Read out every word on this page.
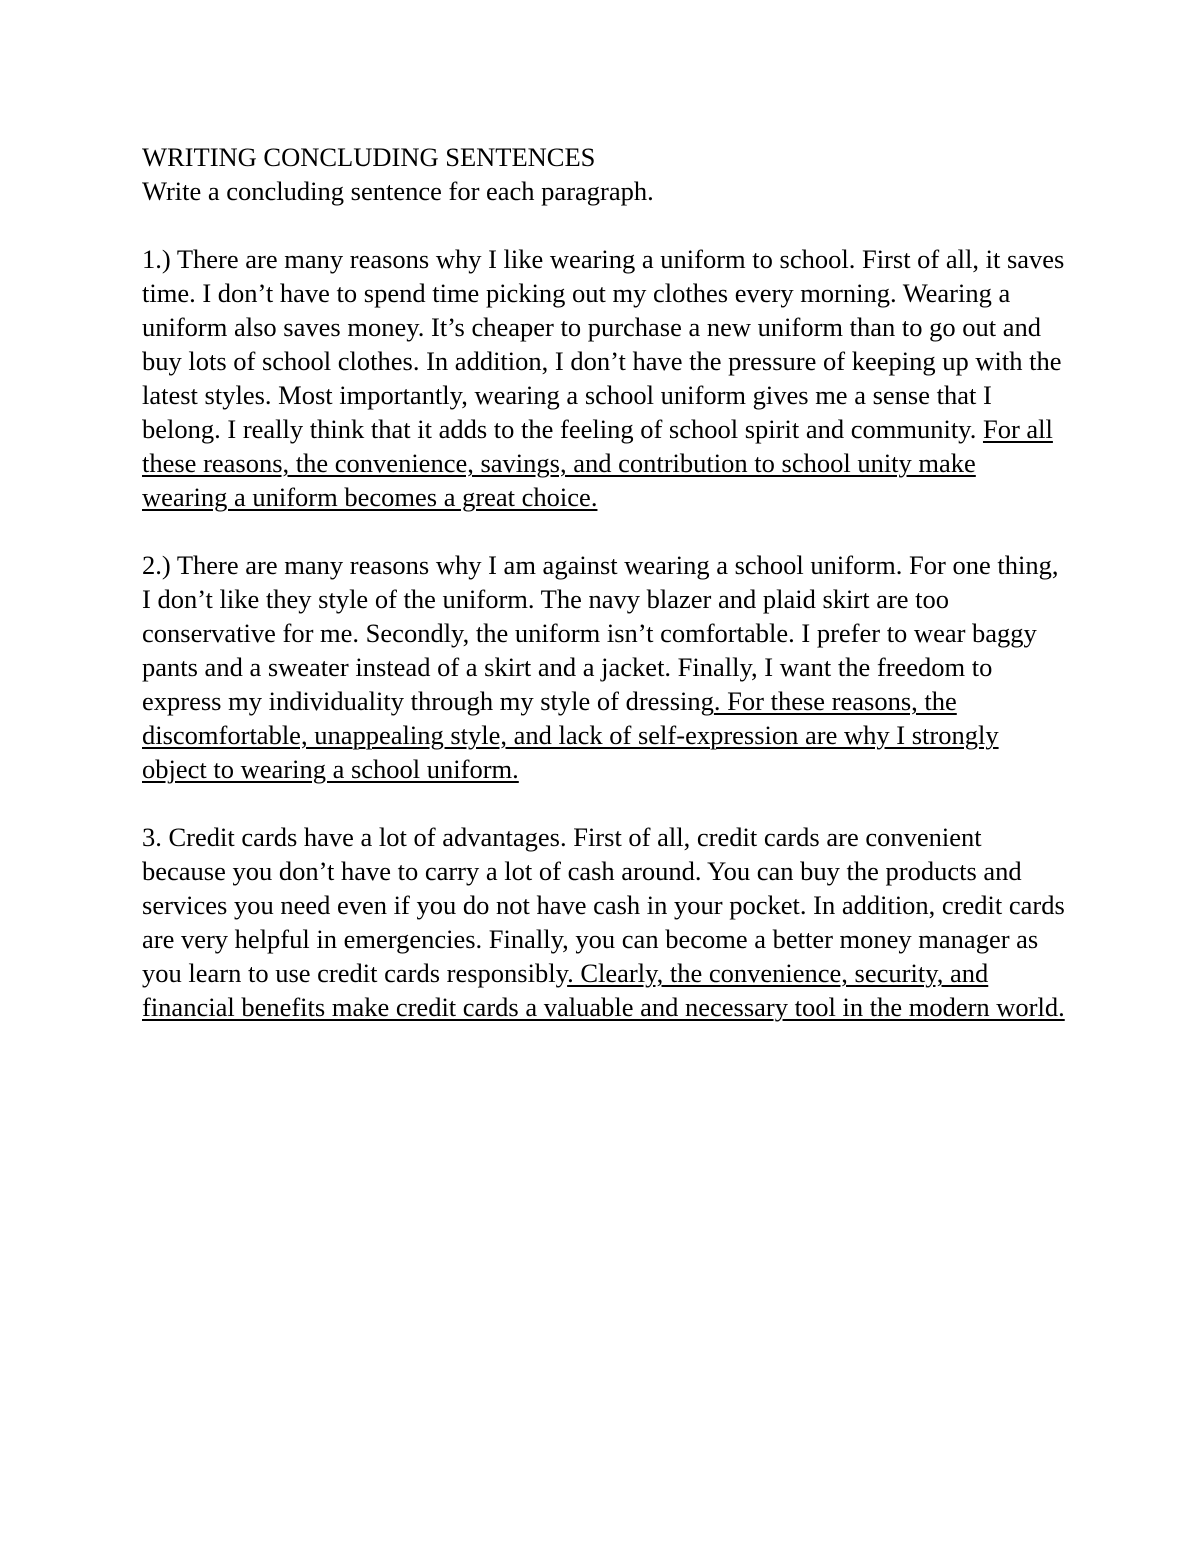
WRITING CONCLUDING SENTENCES

Write a concluding sentence for each paragraph.

1.) There are many reasons why I like wearing a uniform to school. First of all, it saves time. I don’t have to spend time picking out my clothes every morning. Wearing a uniform also saves money. It’s cheaper to purchase a new uniform than to go out and buy lots of school clothes. In addition, I don’t have the pressure of keeping up with the latest styles. Most importantly, wearing a school uniform gives me a sense that I belong. I really think that it adds to the feeling of school spirit and community. For all these reasons, the convenience, savings, and contribution to school unity make wearing a uniform becomes a great choice.

2.) There are many reasons why I am against wearing a school uniform. For one thing, I don’t like they style of the uniform. The navy blazer and plaid skirt are too conservative for me. Secondly, the uniform isn’t comfortable. I prefer to wear baggy pants and a sweater instead of a skirt and a jacket. Finally, I want the freedom to express my individuality through my style of dressing. For these reasons, the discomfortable, unappealing style, and lack of self-expression are why I strongly object to wearing a school uniform.

3. Credit cards have a lot of advantages. First of all, credit cards are convenient because you don’t have to carry a lot of cash around. You can buy the products and services you need even if you do not have cash in your pocket. In addition, credit cards are very helpful in emergencies. Finally, you can become a better money manager as you learn to use credit cards responsibly. Clearly, the convenience, security, and financial benefits make credit cards a valuable and necessary tool in the modern world.
